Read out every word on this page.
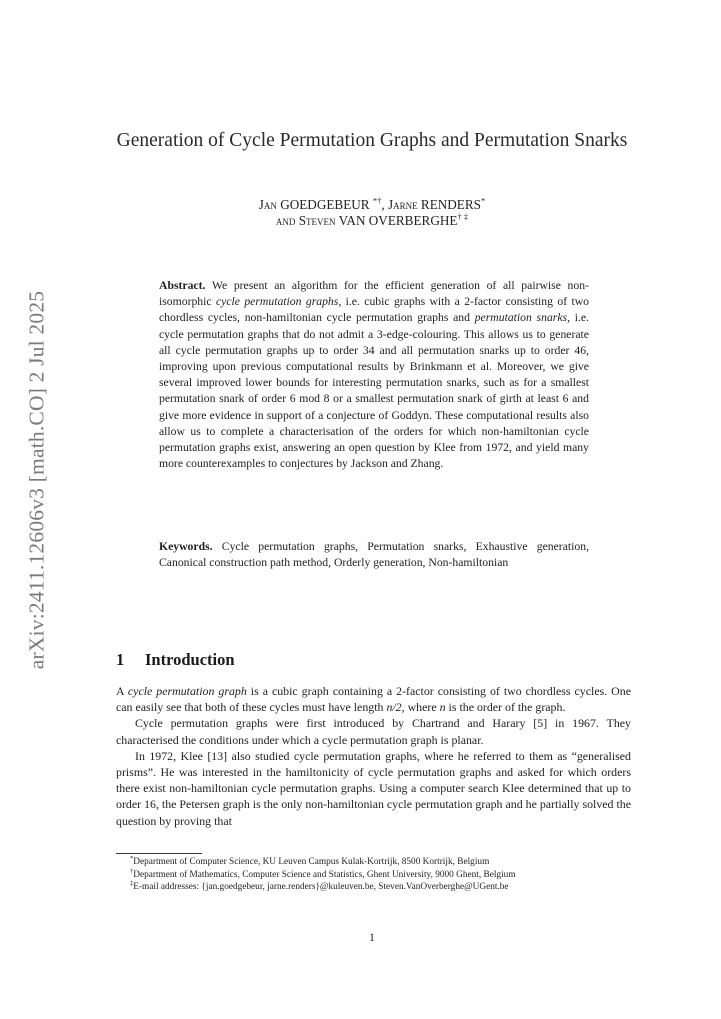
arXiv:2411.12606v3 [math.CO] 2 Jul 2025
Generation of Cycle Permutation Graphs and Permutation Snarks
Jan GOEDGEBEUR *†, Jarne RENDERS*
and Steven VAN OVERBERGHE† ‡
Abstract. We present an algorithm for the efficient generation of all pairwise non-isomorphic cycle permutation graphs, i.e. cubic graphs with a 2-factor consisting of two chordless cycles, non-hamiltonian cycle permutation graphs and permutation snarks, i.e. cycle permutation graphs that do not admit a 3-edge-colouring. This allows us to generate all cycle permutation graphs up to order 34 and all permutation snarks up to order 46, improving upon previous computational results by Brinkmann et al. Moreover, we give several improved lower bounds for interesting permutation snarks, such as for a smallest permutation snark of order 6 mod 8 or a smallest permutation snark of girth at least 6 and give more evidence in support of a conjecture of Goddyn. These computational results also allow us to complete a characterisation of the orders for which non-hamiltonian cycle permutation graphs exist, answering an open question by Klee from 1972, and yield many more counterexamples to conjectures by Jackson and Zhang.
Keywords. Cycle permutation graphs, Permutation snarks, Exhaustive generation, Canonical construction path method, Orderly generation, Non-hamiltonian
1 Introduction

A cycle permutation graph is a cubic graph containing a 2-factor consisting of two chordless cycles. One can easily see that both of these cycles must have length n/2, where n is the order of the graph.

Cycle permutation graphs were first introduced by Chartrand and Harary [5] in 1967. They characterised the conditions under which a cycle permutation graph is planar.

In 1972, Klee [13] also studied cycle permutation graphs, where he referred to them as “generalised prisms”. He was interested in the hamiltonicity of cycle permutation graphs and asked for which orders there exist non-hamiltonian cycle permutation graphs. Using a computer search Klee determined that up to order 16, the Petersen graph is the only non-hamiltonian cycle permutation graph and he partially solved the question by proving that

*Department of Computer Science, KU Leuven Campus Kulak-Kortrijk, 8500 Kortrijk, Belgium
†Department of Mathematics, Computer Science and Statistics, Ghent University, 9000 Ghent, Belgium
‡E-mail addresses: {jan.goedgebeur, jarne.renders}@kuleuven.be, Steven.VanOverberghe@UGent.be
1
